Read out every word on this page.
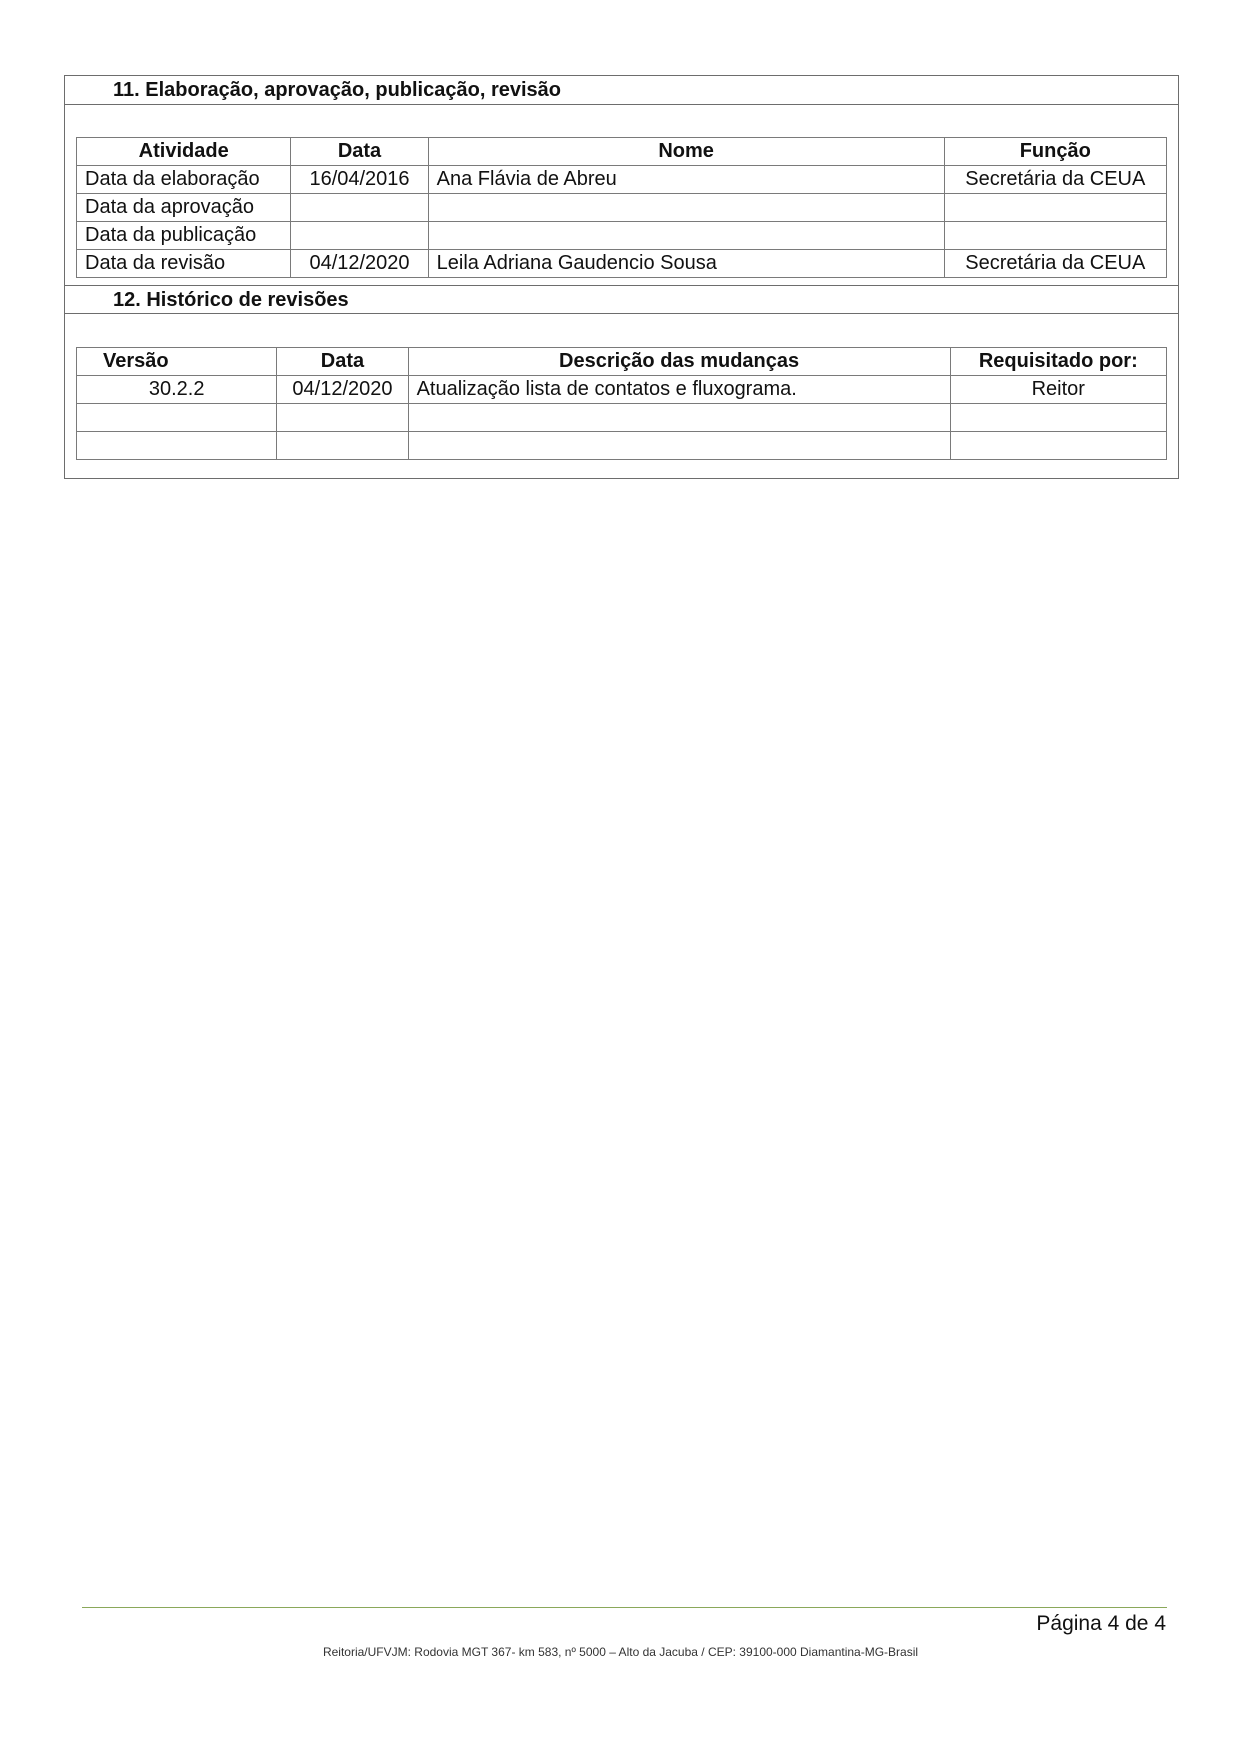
11. Elaboração, aprovação, publicação, revisão
Atividade	Data	Nome	Função
Data da elaboração	16/04/2016	Ana Flávia de Abreu	Secretária da CEUA
Data da aprovação			
Data da publicação			
Data da revisão	04/12/2020	Leila Adriana Gaudencio Sousa	Secretária da CEUA
12. Histórico de revisões
Versão	Data	Descrição das mudanças	Requisitado por:
30.2.2	04/12/2020	Atualização lista de contatos e fluxograma.	Reitor

Página 4 de 4
Reitoria/UFVJM: Rodovia MGT 367- km 583, nº 5000 – Alto da Jacuba / CEP: 39100-000 Diamantina-MG-Brasil
